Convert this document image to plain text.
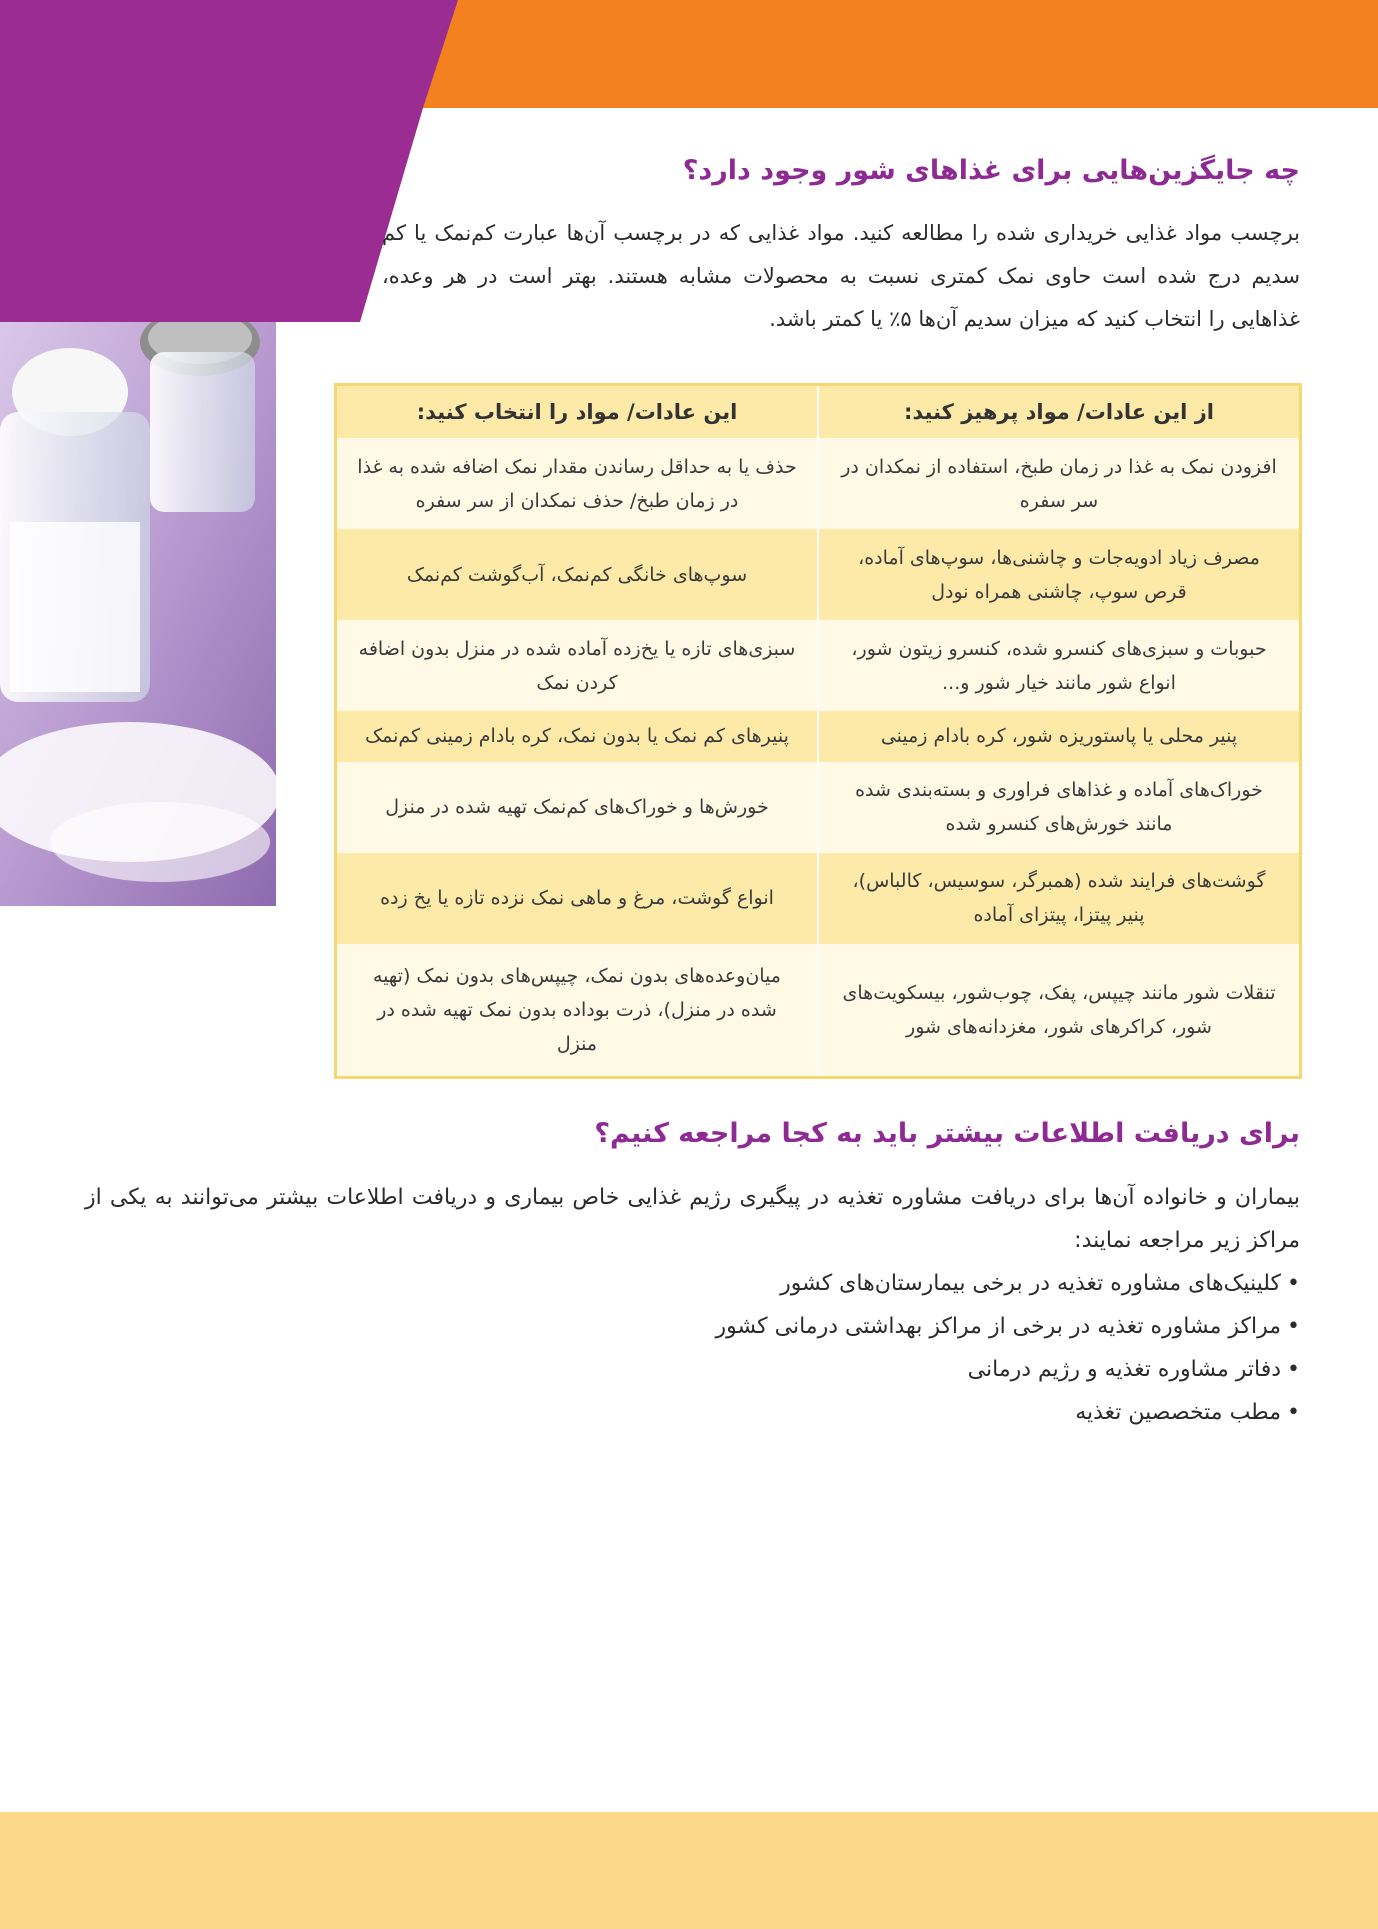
چه جایگزین‌هایی برای غذاهای شور وجود دارد؟

برچسب مواد غذایی خریداری شده را مطالعه کنید. مواد غذایی که در برچسب آن‌ها عبارت کم‌نمک یا کم سدیم درج شده است حاوی نمک کمتری نسبت به محصولات مشابه هستند. بهتر است در هر وعده، غذاهایی را انتخاب کنید که میزان سدیم آن‌ها ۵٪ یا کمتر باشد.

از این عادات/ مواد پرهیز کنید:	این عادات/ مواد را انتخاب کنید:
افزودن نمک به غذا در زمان طبخ، استفاده از نمکدان در سر سفره	حذف یا به حداقل رساندن مقدار نمک اضافه شده به غذا در زمان طبخ/ حذف نمکدان از سر سفره
مصرف زیاد ادویه‌جات و چاشنی‌ها، سوپ‌های آماده، قرص سوپ، چاشنی همراه نودل	سوپ‌های خانگی کم‌نمک، آب‌گوشت کم‌نمک
حبوبات و سبزی‌های کنسرو شده، کنسرو زیتون شور، انواع شور مانند خیار شور و...	سبزی‌های تازه یا یخ‌زده آماده شده در منزل بدون اضافه کردن نمک
پنیر محلی یا پاستوریزه شور، کره بادام زمینی	پنیرهای کم نمک یا بدون نمک، کره بادام زمینی کم‌نمک
خوراک‌های آماده و غذاهای فراوری و بسته‌بندی شده مانند خورش‌های کنسرو شده	خورش‌ها و خوراک‌های کم‌نمک تهیه شده در منزل
گوشت‌های فرایند شده (همبرگر، سوسیس، کالباس)، پنیر پیتزا، پیتزای آماده	انواع گوشت، مرغ و ماهی نمک نزده تازه یا یخ زده
تنقلات شور مانند چیپس، پفک، چوب‌شور، بیسکویت‌های شور، کراکرهای شور، مغزدانه‌های شور	میان‌وعده‌های بدون نمک، چیپس‌های بدون نمک (تهیه شده در منزل)، ذرت بوداده بدون نمک تهیه شده در منزل
برای دریافت اطلاعات بیشتر باید به کجا مراجعه کنیم؟

بیماران و خانواده آن‌ها برای دریافت مشاوره تغذیه در پیگیری رژیم غذایی خاص بیماری و دریافت اطلاعات بیشتر می‌توانند به یکی از مراکز زیر مراجعه نمایند:

•کلینیک‌های مشاوره تغذیه در برخی بیمارستان‌های کشور
•مراکز مشاوره تغذیه در برخی از مراکز بهداشتی درمانی کشور
•دفاتر مشاوره تغذیه و رژیم درمانی
•مطب متخصصین تغذیه
